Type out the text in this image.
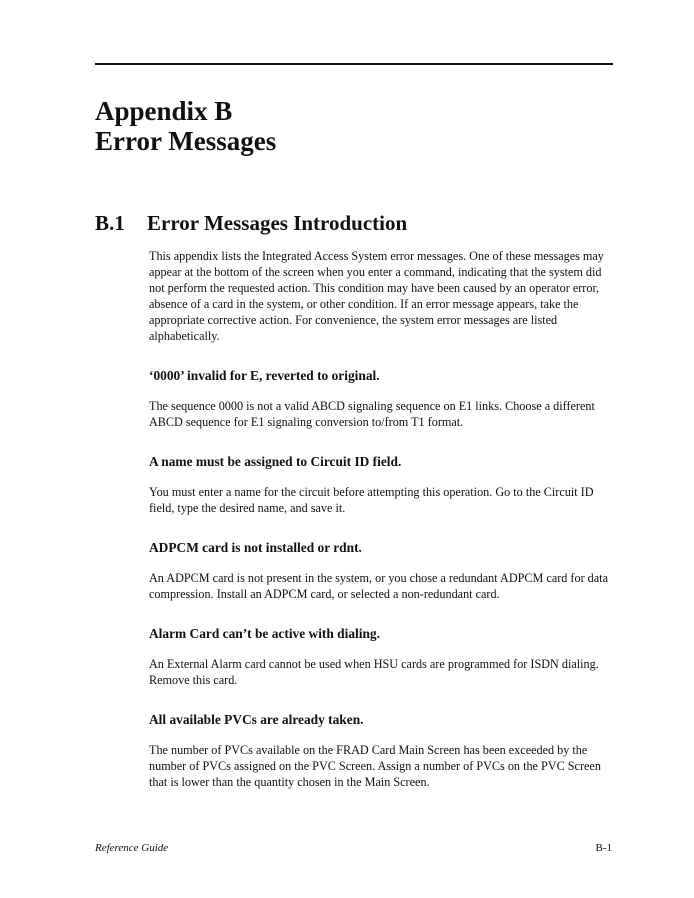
Appendix B
Error Messages
B.1 Error Messages Introduction

This appendix lists the Integrated Access System error messages. One of these messages may appear at the bottom of the screen when you enter a command, indicating that the system did not perform the requested action. This condition may have been caused by an operator error, absence of a card in the system, or other condition. If an error message appears, take the appropriate corrective action. For convenience, the system error messages are listed alphabetically.

‘0000’ invalid for E, reverted to original.

The sequence 0000 is not a valid ABCD signaling sequence on E1 links. Choose a different ABCD sequence for E1 signaling conversion to/from T1 format.

A name must be assigned to Circuit ID field.

You must enter a name for the circuit before attempting this operation. Go to the Circuit ID field, type the desired name, and save it.

ADPCM card is not installed or rdnt.

An ADPCM card is not present in the system, or you chose a redundant ADPCM card for data compression. Install an ADPCM card, or selected a non-redundant card.

Alarm Card can’t be active with dialing.

An External Alarm card cannot be used when HSU cards are programmed for ISDN dialing. Remove this card.

All available PVCs are already taken.

The number of PVCs available on the FRAD Card Main Screen has been exceeded by the number of PVCs assigned on the PVC Screen. Assign a number of PVCs on the PVC Screen that is lower than the quantity chosen in the Main Screen.

Reference Guide	B-1
